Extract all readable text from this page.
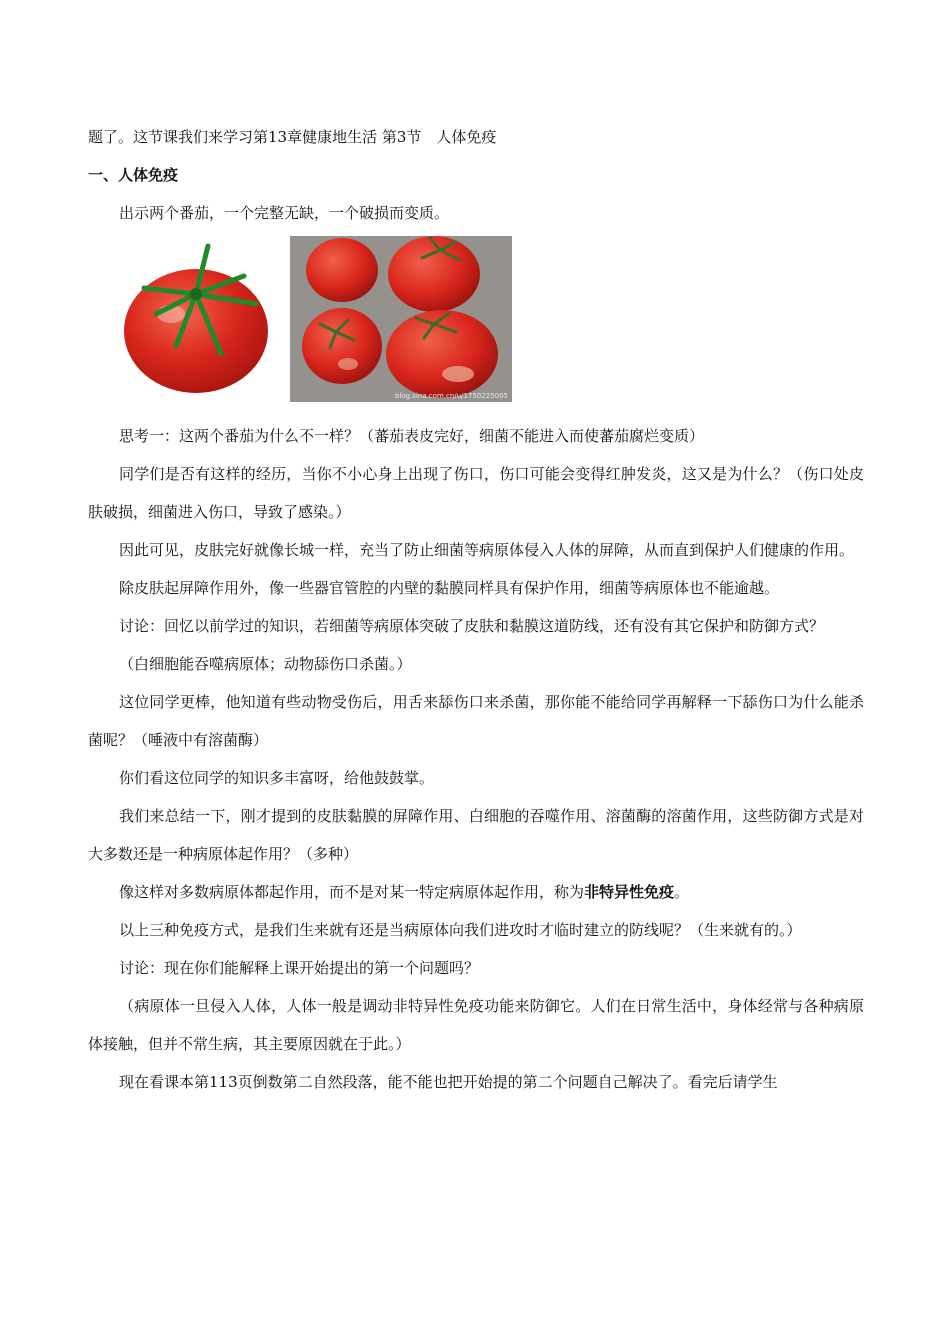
题了。这节课我们来学习第13章健康地生活 第3节　人体免疫

一、人体免疫

出示两个番茄，一个完整无缺，一个破损而变质。

blog.sina.com.cn/u/1750225005

思考一：这两个番茄为什么不一样？（蕃茄表皮完好，细菌不能进入而使蕃茄腐烂变质）

同学们是否有这样的经历，当你不小心身上出现了伤口，伤口可能会变得红肿发炎，这又是为什么？（伤口处皮肤破损，细菌进入伤口，导致了感染。）

因此可见，皮肤完好就像长城一样，充当了防止细菌等病原体侵入人体的屏障，从而直到保护人们健康的作用。

除皮肤起屏障作用外，像一些器官管腔的内壁的黏膜同样具有保护作用，细菌等病原体也不能逾越。

讨论：回忆以前学过的知识，若细菌等病原体突破了皮肤和黏膜这道防线，还有没有其它保护和防御方式？

（白细胞能吞噬病原体；动物舔伤口杀菌。）

这位同学更棒，他知道有些动物受伤后，用舌来舔伤口来杀菌，那你能不能给同学再解释一下舔伤口为什么能杀菌呢？（唾液中有溶菌酶）

你们看这位同学的知识多丰富呀，给他鼓鼓掌。

我们来总结一下，刚才提到的皮肤黏膜的屏障作用、白细胞的吞噬作用、溶菌酶的溶菌作用，这些防御方式是对大多数还是一种病原体起作用？（多种）

像这样对多数病原体都起作用，而不是对某一特定病原体起作用，称为非特异性免疫。

以上三种免疫方式，是我们生来就有还是当病原体向我们进攻时才临时建立的防线呢？（生来就有的。）

讨论：现在你们能解释上课开始提出的第一个问题吗？

（病原体一旦侵入人体，人体一般是调动非特异性免疫功能来防御它。人们在日常生活中，身体经常与各种病原体接触，但并不常生病，其主要原因就在于此。）

现在看课本第113页倒数第二自然段落，能不能也把开始提的第二个问题自己解决了。看完后请学生
